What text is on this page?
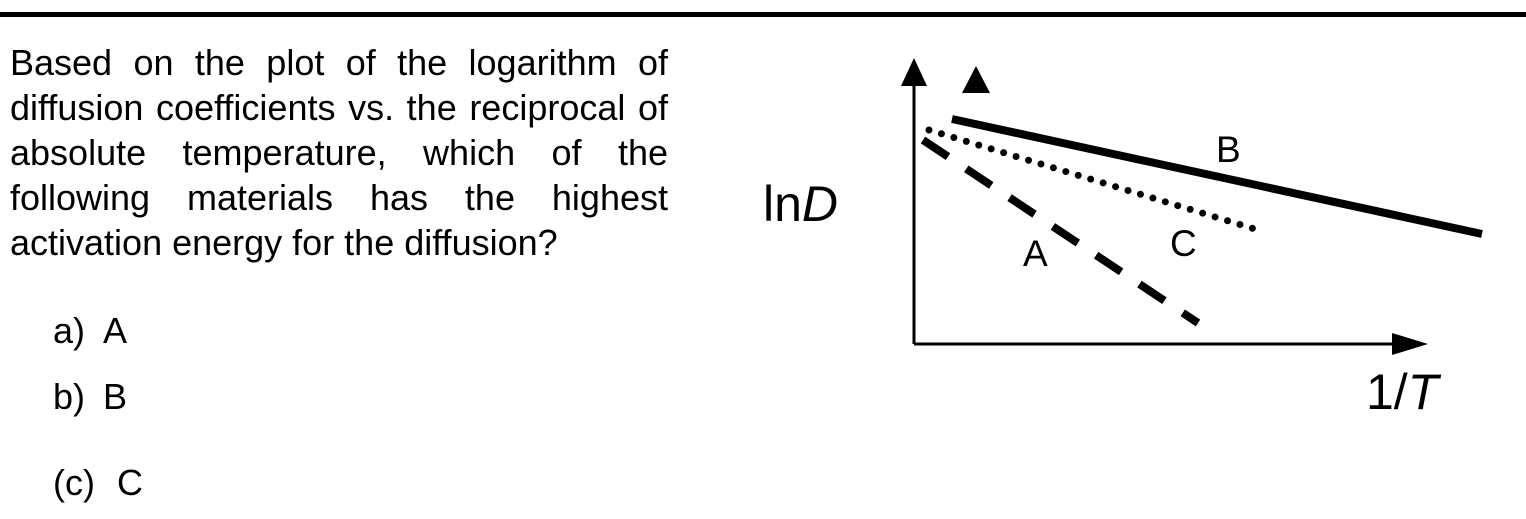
Based on the plot of the logarithm of diffusion coefficients vs. the reciprocal of absolute temperature, which of the following materials has the highest activation energy for the diffusion?

a) A
b) B
(c) C
B
C
A
lnD
1/T
